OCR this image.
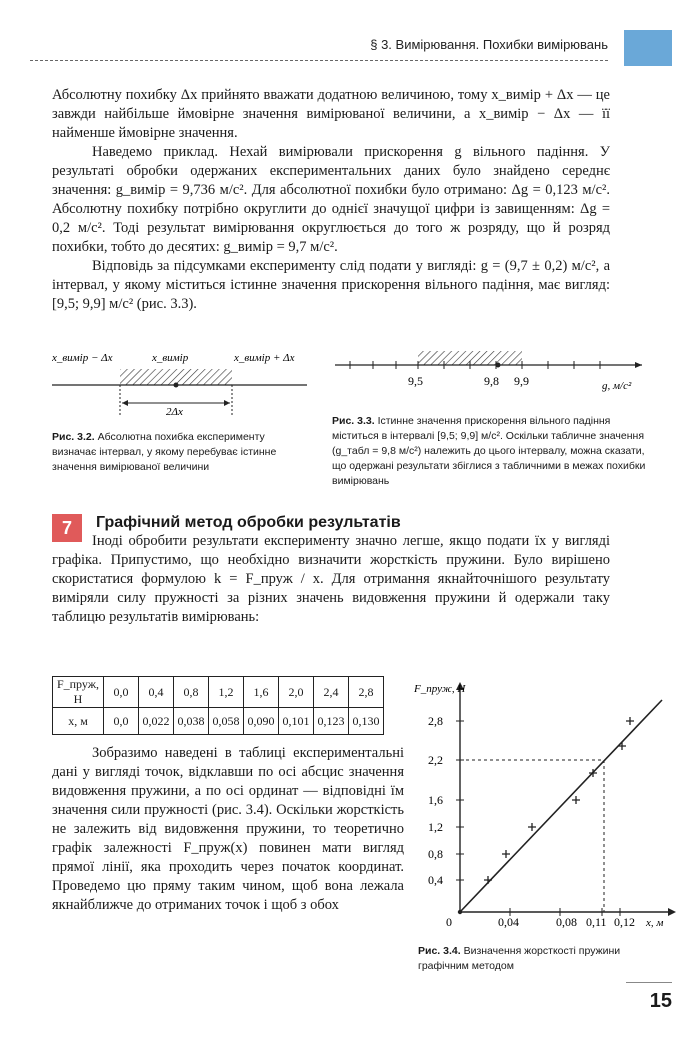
§ 3. Вимірювання. Похибки вимірювань

Абсолютну похибку Δx прийнято вважати додатною величиною, тому x_вимір + Δx — це завжди найбільше ймовірне значення вимірюваної величини, а x_вимір − Δx — її найменше ймовірне значення.

Наведемо приклад. Нехай вимірювали прискорення g вільного падіння. У результаті обробки одержаних експериментальних даних було знайдено середнє значення: g_вимір = 9,736 м/с². Для абсолютної похибки було отримано: Δg = 0,123 м/с². Абсолютну похибку потрібно округлити до однієї значущої цифри із завищенням: Δg = 0,2 м/с². Тоді результат вимірювання округлюється до того ж розряду, що й розряд похибки, тобто до десятих: g_вимір = 9,7 м/с².

Відповідь за підсумками експерименту слід подати у вигляді: g = (9,7 ± 0,2) м/с², а інтервал, у якому міститься істинне значення прискорення вільного падіння, має вигляд: [9,5; 9,9] м/с² (рис. 3.3).

x_вимір − Δx	x_вимір	x_вимір + Δx
2Δx
Рис. 3.2. Абсолютна похибка експерименту визначає інтервал, у якому перебуває істинне значення вимірюваної величини
9,5	9,8 9,9	g, м/с²
Рис. 3.3. Істинне значення прискорення вільного падіння міститься в інтервалі [9,5; 9,9] м/с². Оскільки табличне значення (g_табл = 9,8 м/с²) належить до цього інтервалу, можна сказати, що одержані результати збіглися з табличними в межах похибки вимірювань
7	Графічний метод обробки результатів

Іноді обробити результати експерименту значно легше, якщо подати їх у вигляді графіка. Припустимо, що необхідно визначити жорсткість пружини. Було вирішено скористатися формулою k = F_пруж / x. Для отримання якнайточнішого результату виміряли силу пружності за різних значень видовження пружини й одержали таку таблицю результатів вимірювань:

F_пруж, Н	0,0	0,4	0,8	1,2	1,6	2,0	2,4	2,8
x, м	0,0	0,022	0,038	0,058	0,090	0,101	0,123	0,130

Зобразимо наведені в таблиці експериментальні дані у вигляді точок, відклавши по осі абсцис значення видовження пружини, а по осі ординат — відповідні їм значення сили пружності (рис. 3.4). Оскільки жорсткість не залежить від видовження пружини, то теоретично графік залежності F_пруж(x) повинен мати вигляд прямої лінії, яка проходить через початок координат. Проведемо цю пряму таким чином, щоб вона лежала якнайближче до отриманих точок і щоб з обох

F_пруж, Н
0,4
0,8
1,2
1,6
2,2
2,8
0	0,04	0,08 0,11 0,12 x, м
Рис. 3.4. Визначення жорсткості пружини графічним методом
15
